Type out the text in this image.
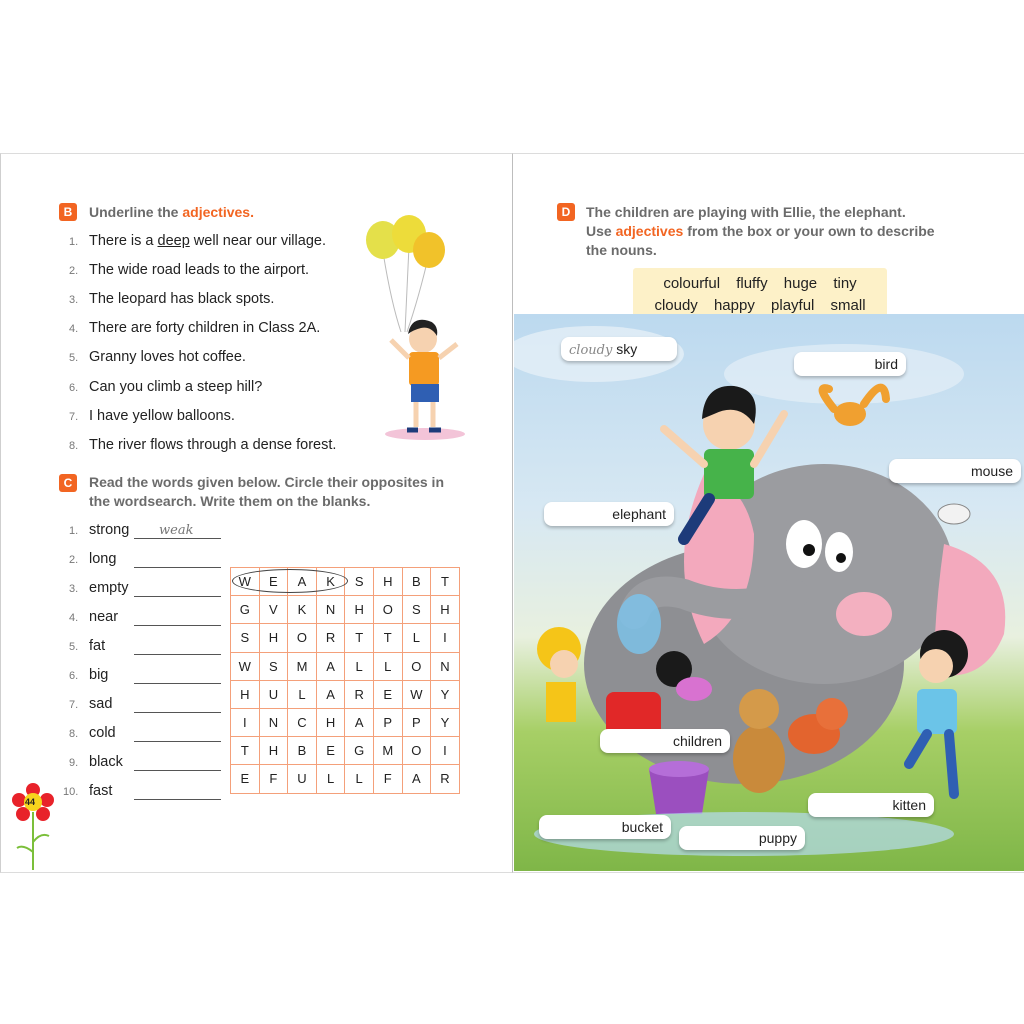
B	Underline the adjectives.
1. There is a deep well near our village.
2. The wide road leads to the airport.
3. The leopard has black spots.
4. There are forty children in Class 2A.
5. Granny loves hot coffee.
6. Can you climb a steep hill?
7. I have yellow balloons.
8. The river flows through a dense forest.
C	Read the words given below. Circle their opposites in
the wordsearch. Write them on the blanks.
1. strong weak
2. long
3. empty
4. near
5. fat
6. big
7. sad
8. cold
9. black
10. fast
W	E	A	K	S	H	B	T
G	V	K	N	H	O	S	H
S	H	O	R	T	T	L	I
W	S	M	A	L	L	O	N
H	U	L	A	R	E	W	Y
I	N	C	H	A	P	P	Y
T	H	B	E	G	M	O	I
E	F	U	L	L	F	A	R
44
D	The children are playing with Ellie, the elephant.
Use adjectives from the box or your own to describe
the nouns.
colourful fluffy huge tiny
cloudy happy playful small
cloudy sky
bird
mouse
elephant
children
kitten
bucket
puppy
